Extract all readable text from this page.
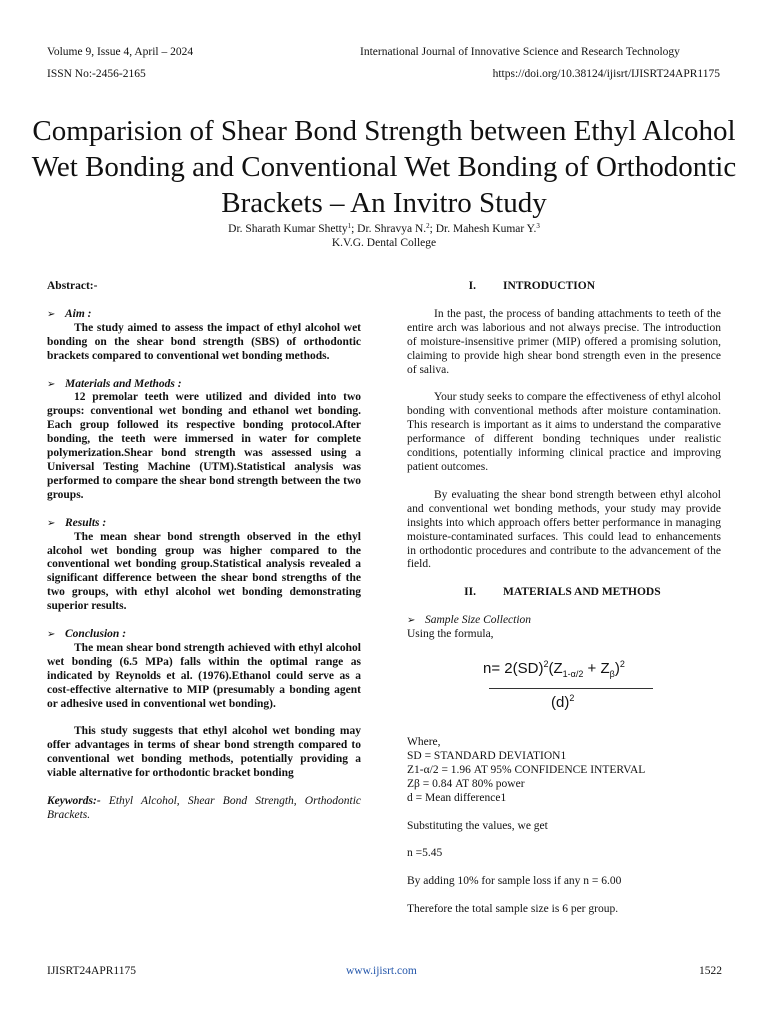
Volume 9, Issue 4, April – 2024	International Journal of Innovative Science and Research Technology
ISSN No:-2456-2165	https://doi.org/10.38124/ijisrt/IJISRT24APR1175
Comparision of Shear Bond Strength between Ethyl Alcohol Wet Bonding and Conventional Wet Bonding of Orthodontic Brackets – An Invitro Study
Dr. Sharath Kumar Shetty$^1$; Dr. Shravya N.$^2$; Dr. Mahesh Kumar Y.$^3$
K.V.G. Dental College

Abstract:-

➢ Aim :

The study aimed to assess the impact of ethyl alcohol wet bonding on the shear bond strength (SBS) of orthodontic brackets compared to conventional wet bonding methods.

➢ Materials and Methods :

12 premolar teeth were utilized and divided into two groups: conventional wet bonding and ethanol wet bonding. Each group followed its respective bonding protocol.After bonding, the teeth were immersed in water for complete polymerization.Shear bond strength was assessed using a Universal Testing Machine (UTM).Statistical analysis was performed to compare the shear bond strength between the two groups.

➢ Results :

The mean shear bond strength observed in the ethyl alcohol wet bonding group was higher compared to the conventional wet bonding group.Statistical analysis revealed a significant difference between the shear bond strengths of the two groups, with ethyl alcohol wet bonding demonstrating superior results.

➢ Conclusion :

The mean shear bond strength achieved with ethyl alcohol wet bonding (6.5 MPa) falls within the optimal range as indicated by Reynolds et al. (1976).Ethanol could serve as a cost-effective alternative to MIP (presumably a bonding agent or adhesive used in conventional wet bonding).

This study suggests that ethyl alcohol wet bonding may offer advantages in terms of shear bond strength compared to conventional wet bonding methods, potentially providing a viable alternative for orthodontic bracket bonding

Keywords:- Ethyl Alcohol, Shear Bond Strength, Orthodontic Brackets.

I.	INTRODUCTION

In the past, the process of banding attachments to teeth of the entire arch was laborious and not always precise. The introduction of moisture-insensitive primer (MIP) offered a promising solution, claiming to provide high shear bond strength even in the presence of saliva.

Your study seeks to compare the effectiveness of ethyl alcohol bonding with conventional methods after moisture contamination. This research is important as it aims to understand the comparative performance of different bonding techniques under realistic conditions, potentially informing clinical practice and improving patient outcomes.

By evaluating the shear bond strength between ethyl alcohol and conventional wet bonding methods, your study may provide insights into which approach offers better performance in managing moisture-contaminated surfaces. This could lead to enhancements in orthodontic procedures and contribute to the advancement of the field.

II.	MATERIALS AND METHODS

➢ Sample Size Collection

Using the formula,

$n= 2(SD)^2(Z_{1-\alpha/2} + Z_\beta)^2$
$(d)^2$

Where,

SD = STANDARD DEVIATION1

Z1-α/2 = 1.96 AT 95% CONFIDENCE INTERVAL

Zβ = 0.84 AT 80% power

d = Mean difference1

Substituting the values, we get

n =5.45

By adding 10% for sample loss if any n = 6.00

Therefore the total sample size is 6 per group.

IJISRT24APR1175	www.ijisrt.com	1522
